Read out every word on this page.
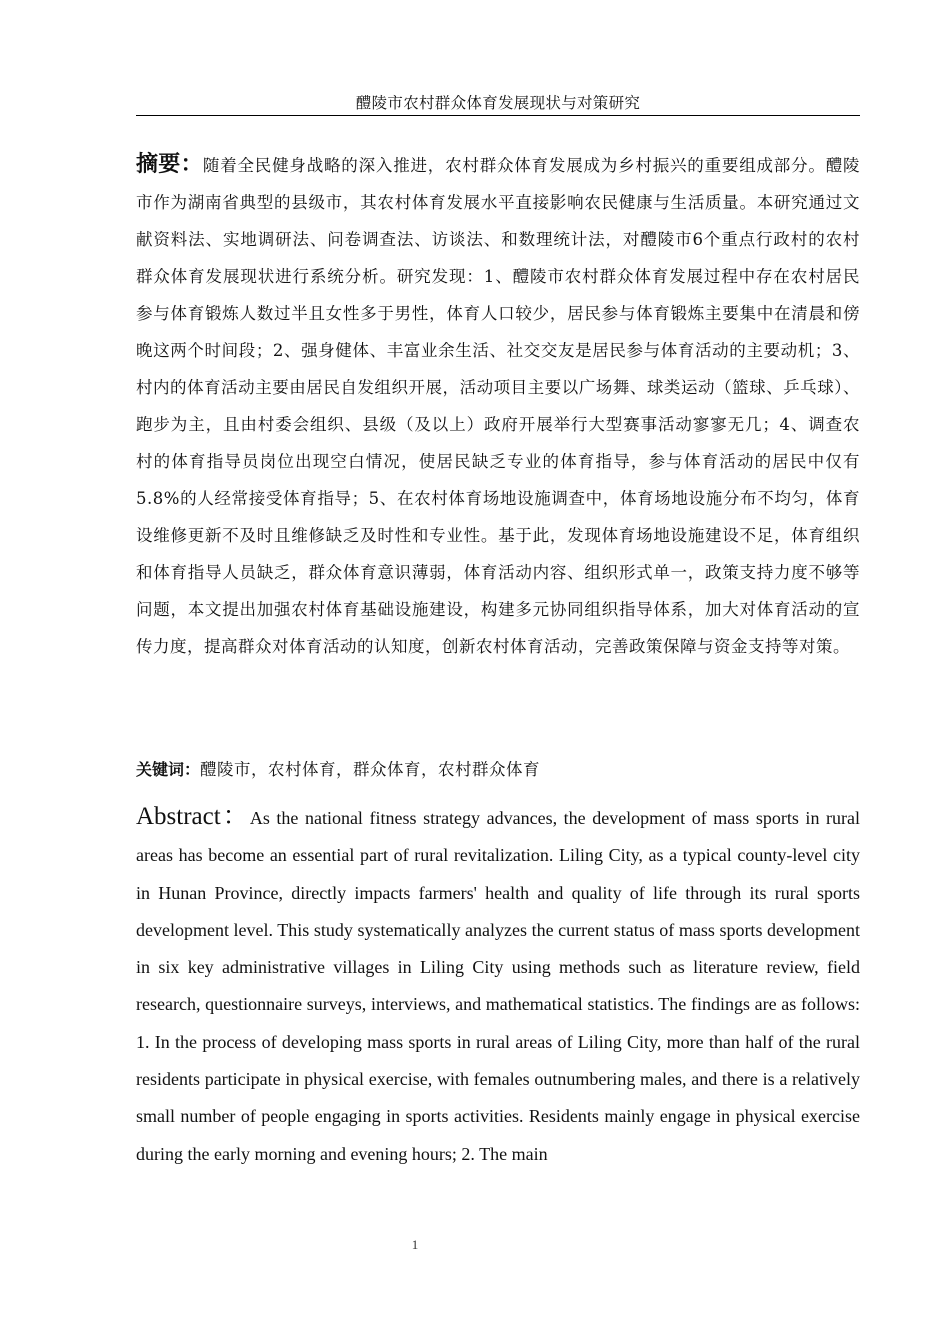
醴陵市农村群众体育发展现状与对策研究
摘要：随着全民健身战略的深入推进，农村群众体育发展成为乡村振兴的重要组成部分。醴陵市作为湖南省典型的县级市，其农村体育发展水平直接影响农民健康与生活质量。本研究通过文献资料法、实地调研法、问卷调查法、访谈法、和数理统计法，对醴陵市6个重点行政村的农村群众体育发展现状进行系统分析。研究发现：1、醴陵市农村群众体育发展过程中存在农村居民参与体育锻炼人数过半且女性多于男性，体育人口较少，居民参与体育锻炼主要集中在清晨和傍晚这两个时间段；2、强身健体、丰富业余生活、社交交友是居民参与体育活动的主要动机；3、村内的体育活动主要由居民自发组织开展，活动项目主要以广场舞、球类运动（篮球、乒乓球）、跑步为主，且由村委会组织、县级（及以上）政府开展举行大型赛事活动寥寥无几；4、调查农村的体育指导员岗位出现空白情况，使居民缺乏专业的体育指导，参与体育活动的居民中仅有5.8%的人经常接受体育指导；5、在农村体育场地设施调查中，体育场地设施分布不均匀，体育设维修更新不及时且维修缺乏及时性和专业性。基于此，发现体育场地设施建设不足，体育组织和体育指导人员缺乏，群众体育意识薄弱，体育活动内容、组织形式单一，政策支持力度不够等问题，本文提出加强农村体育基础设施建设，构建多元协同组织指导体系，加大对体育活动的宣传力度，提高群众对体育活动的认知度，创新农村体育活动，完善政策保障与资金支持等对策。
关键词：醴陵市，农村体育，群众体育，农村群众体育
Abstract：As the national fitness strategy advances, the development of mass sports in rural areas has become an essential part of rural revitalization. Liling City, as a typical county-level city in Hunan Province, directly impacts farmers' health and quality of life through its rural sports development level. This study systematically analyzes the current status of mass sports development in six key administrative villages in Liling City using methods such as literature review, field research, questionnaire surveys, interviews, and mathematical statistics. The findings are as follows: 1. In the process of developing mass sports in rural areas of Liling City, more than half of the rural residents participate in physical exercise, with females outnumbering males, and there is a relatively small number of people engaging in sports activities. Residents mainly engage in physical exercise during the early morning and evening hours; 2. The main
1
